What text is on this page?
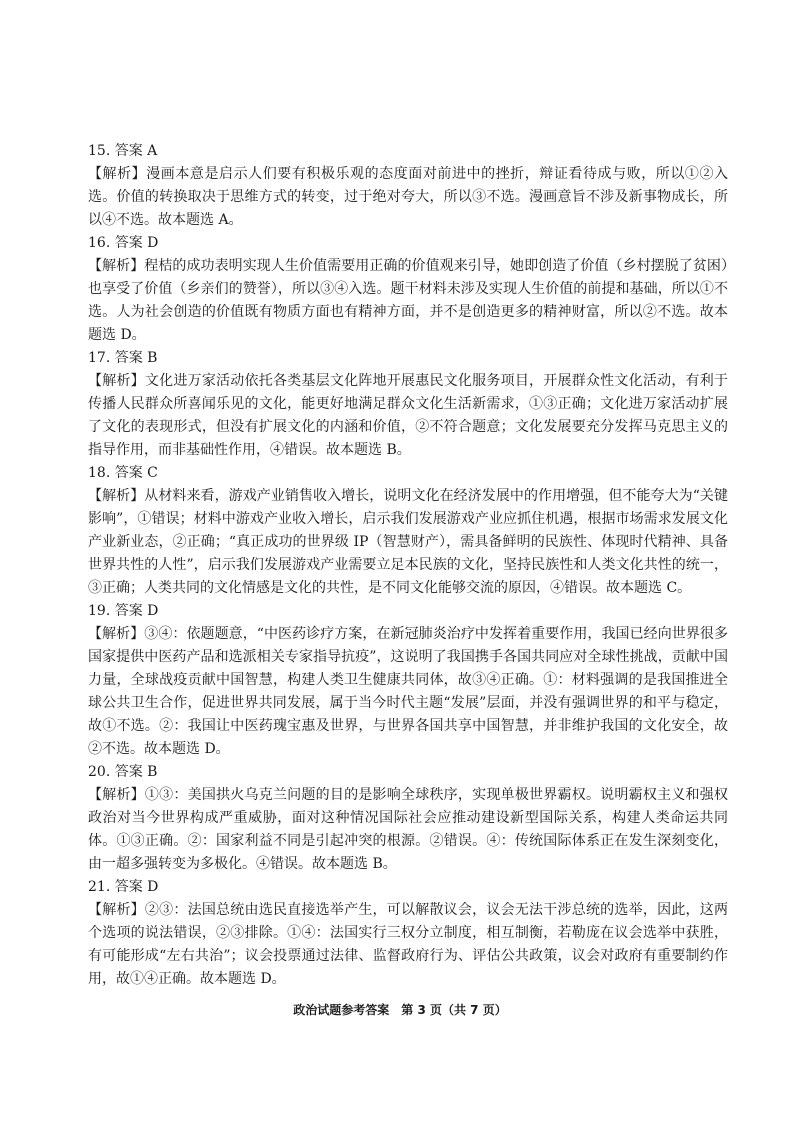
15. 答案 A

【解析】漫画本意是启示人们要有积极乐观的态度面对前进中的挫折，辩证看待成与败，所以①②入选。价值的转换取决于思维方式的转变，过于绝对夸大，所以③不选。漫画意旨不涉及新事物成长，所以④不选。故本题选 A。

16. 答案 D

【解析】程桔的成功表明实现人生价值需要用正确的价值观来引导，她即创造了价值（乡村摆脱了贫困）也享受了价值（乡亲们的赞誉），所以③④入选。题干材料未涉及实现人生价值的前提和基础，所以①不选。人为社会创造的价值既有物质方面也有精神方面，并不是创造更多的精神财富，所以②不选。故本题选 D。

17. 答案 B

【解析】文化进万家活动依托各类基层文化阵地开展惠民文化服务项目，开展群众性文化活动，有利于传播人民群众所喜闻乐见的文化，能更好地满足群众文化生活新需求，①③正确；文化进万家活动扩展了文化的表现形式，但没有扩展文化的内涵和价值，②不符合题意；文化发展要充分发挥马克思主义的指导作用，而非基础性作用，④错误。故本题选 B。

18. 答案 C

【解析】从材料来看，游戏产业销售收入增长，说明文化在经济发展中的作用增强，但不能夸大为“关键影响”，①错误；材料中游戏产业收入增长，启示我们发展游戏产业应抓住机遇，根据市场需求发展文化产业新业态，②正确；“真正成功的世界级 IP（智慧财产），需具备鲜明的民族性、体现时代精神、具备世界共性的人性”，启示我们发展游戏产业需要立足本民族的文化，坚持民族性和人类文化共性的统一，③正确；人类共同的文化情感是文化的共性，是不同文化能够交流的原因，④错误。故本题选 C。

19. 答案 D

【解析】③④：依题题意，“中医药诊疗方案，在新冠肺炎治疗中发挥着重要作用，我国已经向世界很多国家提供中医药产品和选派相关专家指导抗疫”，这说明了我国携手各国共同应对全球性挑战，贡献中国力量，全球战疫贡献中国智慧，构建人类卫生健康共同体，故③④正确。①：材料强调的是我国推进全球公共卫生合作，促进世界共同发展，属于当今时代主题“发展”层面，并没有强调世界的和平与稳定，故①不选。②：我国让中医药瑰宝惠及世界，与世界各国共享中国智慧，并非维护我国的文化安全，故②不选。故本题选 D。

20. 答案 B

【解析】①③：美国拱火乌克兰问题的目的是影响全球秩序，实现单极世界霸权。说明霸权主义和强权政治对当今世界构成严重威胁，面对这种情况国际社会应推动建设新型国际关系，构建人类命运共同体。①③正确。②：国家利益不同是引起冲突的根源。②错误。④：传统国际体系正在发生深刻变化，由一超多强转变为多极化。④错误。故本题选 B。

21. 答案 D

【解析】②③：法国总统由选民直接选举产生，可以解散议会，议会无法干涉总统的选举，因此，这两个选项的说法错误，②③排除。①④：法国实行三权分立制度，相互制衡，若勒庞在议会选举中获胜，有可能形成“左右共治”；议会投票通过法律、监督政府行为、评估公共政策，议会对政府有重要制约作用，故①④正确。故本题选 D。

政治试题参考答案　第 3 页（共 7 页）
